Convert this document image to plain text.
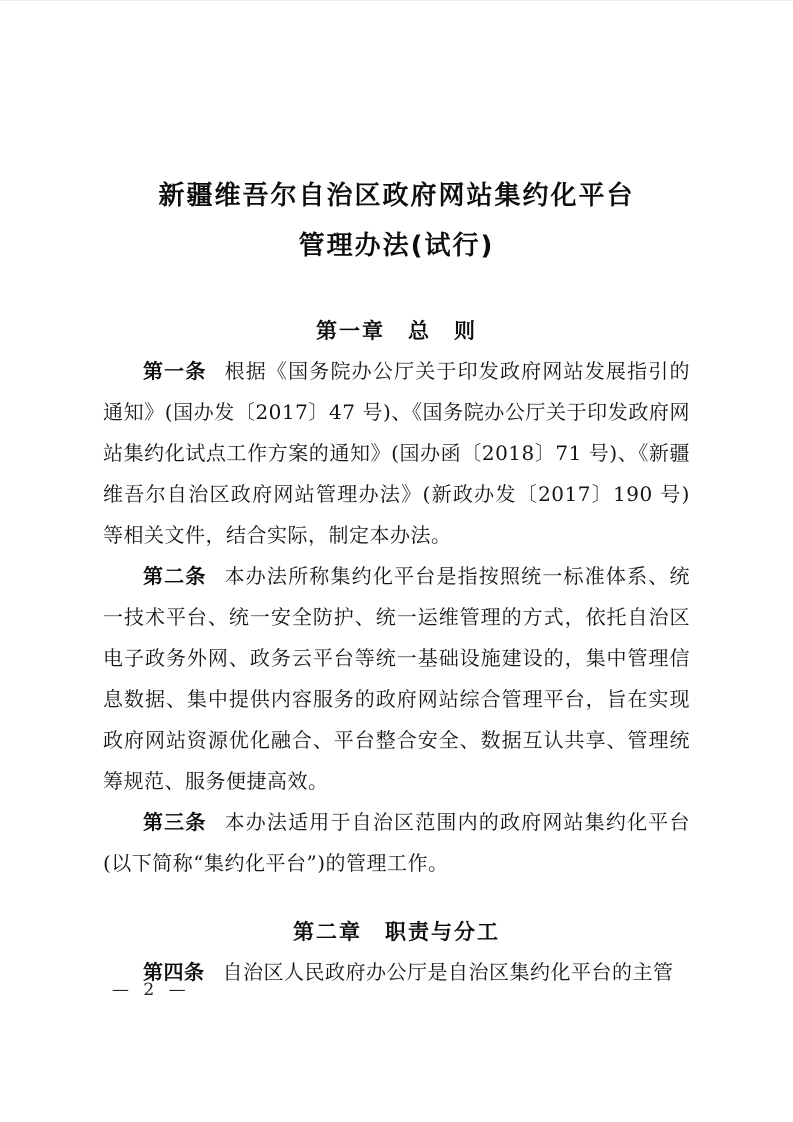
新疆维吾尔自治区政府网站集约化平台
管理办法(试行)
第一章　总　则

第一条 根据《国务院办公厅关于印发政府网站发展指引的通知》(国办发〔2017〕47 号)、《国务院办公厅关于印发政府网站集约化试点工作方案的通知》(国办函〔2018〕71 号)、《新疆维吾尔自治区政府网站管理办法》(新政办发〔2017〕190 号)等相关文件，结合实际，制定本办法。

第二条 本办法所称集约化平台是指按照统一标准体系、统一技术平台、统一安全防护、统一运维管理的方式，依托自治区电子政务外网、政务云平台等统一基础设施建设的，集中管理信息数据、集中提供内容服务的政府网站综合管理平台，旨在实现政府网站资源优化融合、平台整合安全、数据互认共享、管理统筹规范、服务便捷高效。

第三条 本办法适用于自治区范围内的政府网站集约化平台(以下简称“集约化平台”)的管理工作。

第二章　职责与分工

第四条 自治区人民政府办公厅是自治区集约化平台的主管

— 2 —
